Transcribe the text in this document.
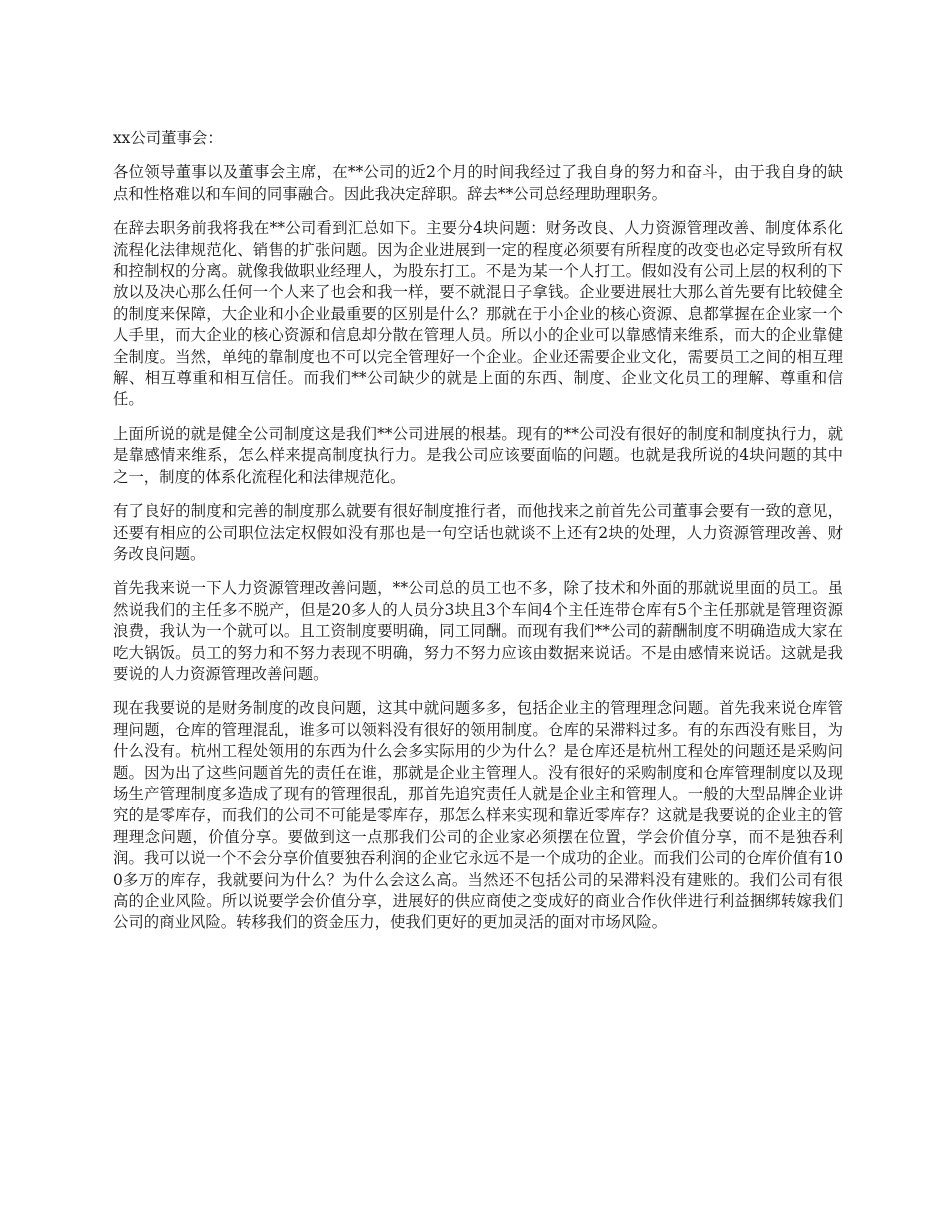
xx公司董事会：

各位领导董事以及董事会主席，在**公司的近2个月的时间我经过了我自身的努力和奋斗，由于我自身的缺点和性格难以和车间的同事融合。因此我决定辞职。辞去**公司总经理助理职务。

在辞去职务前我将我在**公司看到汇总如下。主要分4块问题：财务改良、人力资源管理改善、制度体系化流程化法律规范化、销售的扩张问题。因为企业进展到一定的程度必须要有所程度的改变也必定导致所有权和控制权的分离。就像我做职业经理人，为股东打工。不是为某一个人打工。假如没有公司上层的权利的下放以及决心那么任何一个人来了也会和我一样，要不就混日子拿钱。企业要进展壮大那么首先要有比较健全的制度来保障，大企业和小企业最重要的区别是什么？那就在于小企业的核心资源、息都掌握在企业家一个人手里，而大企业的核心资源和信息却分散在管理人员。所以小的企业可以靠感情来维系，而大的企业靠健全制度。当然，单纯的靠制度也不可以完全管理好一个企业。企业还需要企业文化，需要员工之间的相互理解、相互尊重和相互信任。而我们**公司缺少的就是上面的东西、制度、企业文化员工的理解、尊重和信任。

上面所说的就是健全公司制度这是我们**公司进展的根基。现有的**公司没有很好的制度和制度执行力，就是靠感情来维系，怎么样来提高制度执行力。是我公司应该要面临的问题。也就是我所说的4块问题的其中之一，制度的体系化流程化和法律规范化。

有了良好的制度和完善的制度那么就要有很好制度推行者，而他找来之前首先公司董事会要有一致的意见，还要有相应的公司职位法定权假如没有那也是一句空话也就谈不上还有2块的处理，人力资源管理改善、财务改良问题。

首先我来说一下人力资源管理改善问题，**公司总的员工也不多，除了技术和外面的那就说里面的员工。虽然说我们的主任多不脱产，但是20多人的人员分3块且3个车间4个主任连带仓库有5个主任那就是管理资源浪费，我认为一个就可以。且工资制度要明确，同工同酬。而现有我们**公司的薪酬制度不明确造成大家在吃大锅饭。员工的努力和不努力表现不明确，努力不努力应该由数据来说话。不是由感情来说话。这就是我要说的人力资源管理改善问题。

现在我要说的是财务制度的改良问题，这其中就问题多多，包括企业主的管理理念问题。首先我来说仓库管理问题，仓库的管理混乱，谁多可以领料没有很好的领用制度。仓库的呆滞料过多。有的东西没有账目，为什么没有。杭州工程处领用的东西为什么会多实际用的少为什么？是仓库还是杭州工程处的问题还是采购问题。因为出了这些问题首先的责任在谁，那就是企业主管理人。没有很好的采购制度和仓库管理制度以及现场生产管理制度多造成了现有的管理很乱，那首先追究责任人就是企业主和管理人。一般的大型品牌企业讲究的是零库存，而我们的公司不可能是零库存，那怎么样来实现和靠近零库存？这就是我要说的企业主的管理理念问题，价值分享。要做到这一点那我们公司的企业家必须摆在位置，学会价值分享，而不是独吞利润。我可以说一个不会分享价值要独吞利润的企业它永远不是一个成功的企业。而我们公司的仓库价值有100多万的库存，我就要问为什么？为什么会这么高。当然还不包括公司的呆滞料没有建账的。我们公司有很高的企业风险。所以说要学会价值分享，进展好的供应商使之变成好的商业合作伙伴进行利益捆绑转嫁我们公司的商业风险。转移我们的资金压力，使我们更好的更加灵活的面对市场风险。
